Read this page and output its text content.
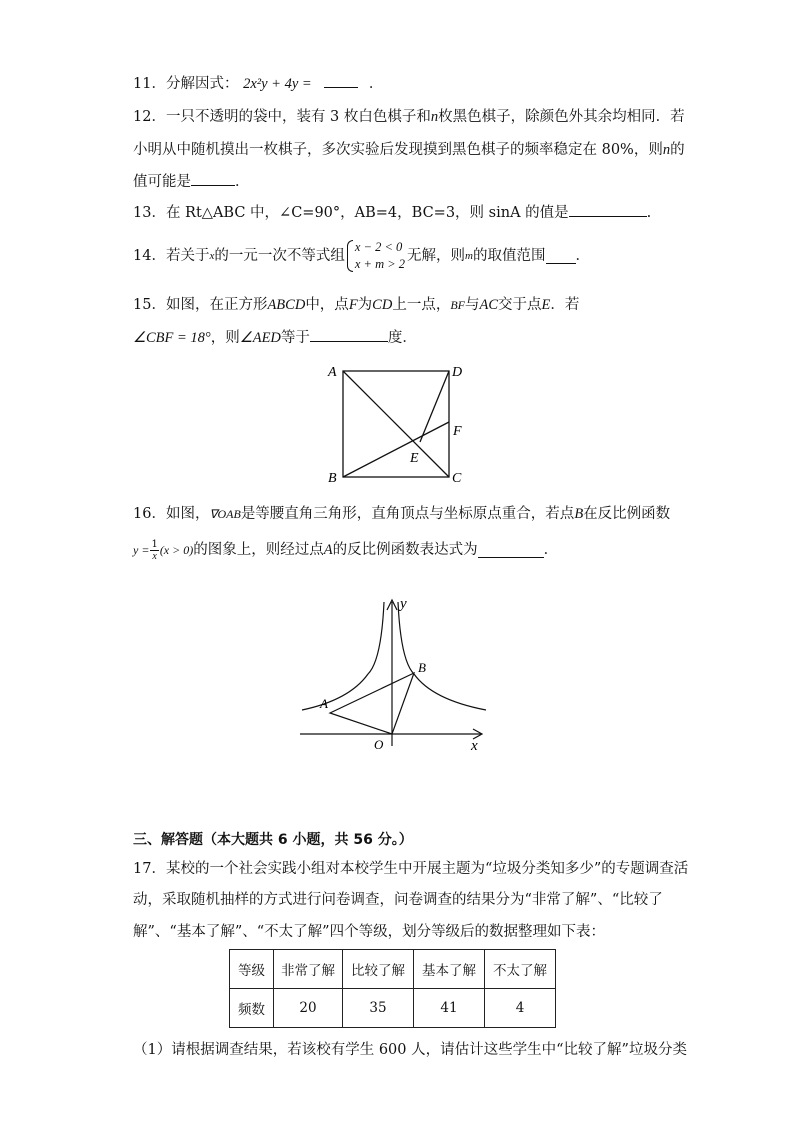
11．分解因式： 2x²y + 4y =	．
12．一只不透明的袋中，装有 3 枚白色棋子和n枚黑色棋子，除颜色外其余均相同．若
小明从中随机摸出一枚棋子，多次实验后发现摸到黑色棋子的频率稳定在 80%，则n的
值可能是	．
13．在 Rt△ABC 中，∠C=90°，AB=4，BC=3，则 sinA 的值是	.
14．若关于 x 的一元一次不等式组
x − 2 < 0
x + m > 2 无解，则 m 的取值范围 ．
15．如图，在正方形ABCD中，点F为CD上一点，BF与AC交于点E．若
∠CBF = 18°，则∠AED等于	度．
A	D
F
E
B	C
16．如图，∇OAB是等腰直角三角形，直角顶点与坐标原点重合，若点B在反比例函数
$y = \frac{1}{x} (x > 0)$ 的图象上，则经过点 A 的反比例函数表达式为	．
y
x
O
A
B
三、解答题（本大题共 6 小题，共 56 分。）
17．某校的一个社会实践小组对本校学生中开展主题为“垃圾分类知多少”的专题调查活
动，采取随机抽样的方式进行问卷调查，问卷调查的结果分为“非常了解”、“比较了
解”、“基本了解”、“不太了解”四个等级，划分等级后的数据整理如下表：
等级	非常了解	比较了解	基本了解	不太了解
频数	20	35	41	4
（1）请根据调查结果，若该校有学生 600 人，请估计这些学生中“比较了解”垃圾分类
